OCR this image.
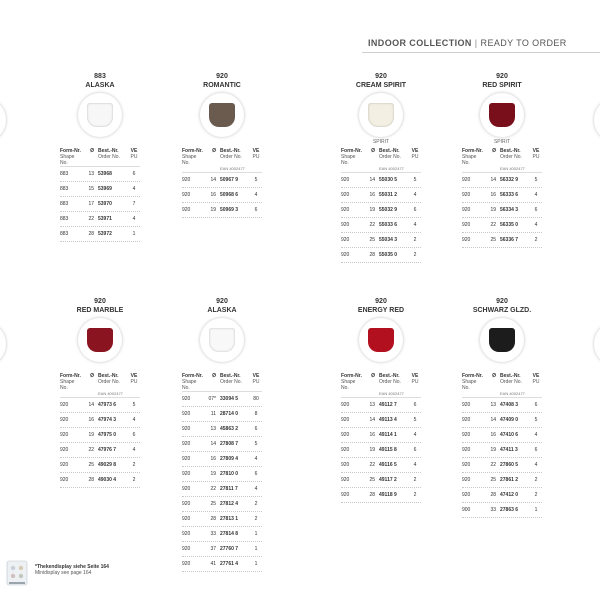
INDOOR COLLECTION | READY TO ORDER
883
ALASKA
Form-Nr.	Ø Best.-Nr.	VE
Shape No.
Order No.	PU
883	13 53968	6
883	15 53969	4
883	17 53970	7
883	22 53971	4
883	28 53972	1
920
ROMANTIC
Form-Nr.	Ø Best.-Nr.	VE
Shape No.
Order No.	PU
EAN 4002477
920	14 50967 9	5
920	16 50968 6	4
920	19 50969 3	6
920
CREAM SPIRIT
SPIRIT
Form-Nr.	Ø Best.-Nr.	VE
Shape No.
Order No.	PU
EAN 4002477
920	14 55030 5	5
920	16 55031 2	4
920	19 55032 9	6
920	22 55033 6	4
920	25 55034 3	2
920	28 55035 0	2
920
RED SPIRIT
SPIRIT
Form-Nr.	Ø Best.-Nr.	VE
Shape No.
Order No.	PU
EAN 4002477
920	14 56332 9	5
920	16 56333 6	4
920	19 56334 3	6
920	22 56335 0	4
920	25 56336 7	2
920
RED MARBLE
Form-Nr.	Ø Best.-Nr.	VE
Shape No.
Order No.	PU
EAN 4002477
920	14 47973 6	5
920	16 47974 3	4
920	19 47975 0	6
920	22 47976 7	4
920	25 49029 8	2
920	28 49030 4	2
920
ALASKA
Form-Nr.	Ø Best.-Nr.	VE
Shape No.
Order No.	PU
920	07* 33094 5	80
920	11 28714 0	8
920	13 45863 2	6
920	14 27808 7	5
920	16 27809 4	4
920	19 27810 0	6
920	22 27811 7	4
920	25 27812 4	2
920	28 27813 1	2
920	33 27814 8	1
920	37 27760 7	1
920	41 27761 4	1
920
ENERGY RED
Form-Nr.	Ø Best.-Nr.	VE
Shape No.
Order No.	PU
EAN 4002477
920	13 49112 7	6
920	14 49113 4	5
920	16 49114 1	4
920	19 49115 8	6
920	22 49116 5	4
920	25 49117 2	2
920	28 49118 9	2
920
SCHWARZ GLZD.
Form-Nr.	Ø Best.-Nr.	VE
Shape No.
Order No.	PU
EAN 4002477
920	13 47408 3	6
920	14 47409 0	5
920	16 47410 6	4
920	19 47411 3	6
920	22 27860 5	4
920	25 27861 2	2
920	28 47412 0	2
900	33 27863 6	1
*Thekendisplay siehe Seite 164
Minidisplay see page 164
